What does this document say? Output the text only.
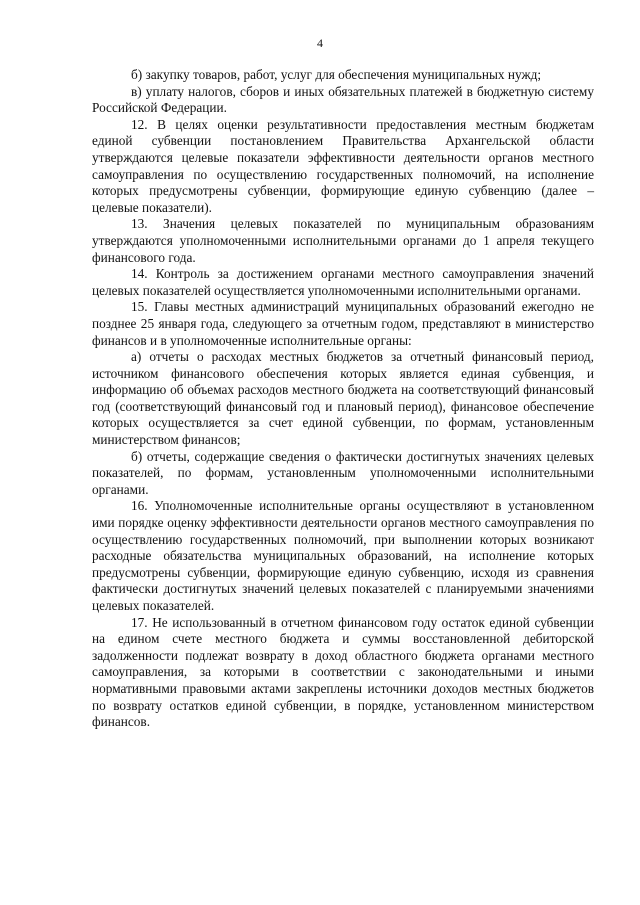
4

б) закупку товаров, работ, услуг для обеспечения муниципальных нужд;

в) уплату налогов, сборов и иных обязательных платежей в бюджетную систему Российской Федерации.

12. В целях оценки результативности предоставления местным бюджетам единой субвенции постановлением Правительства Архангельской области утверждаются целевые показатели эффективности деятельности органов местного самоуправления по осуществлению государственных полномочий, на исполнение которых предусмотрены субвенции, формирующие единую субвенцию (далее – целевые показатели).

13. Значения целевых показателей по муниципальным образованиям утверждаются уполномоченными исполнительными органами до 1 апреля текущего финансового года.

14. Контроль за достижением органами местного самоуправления значений целевых показателей осуществляется уполномоченными исполнительными органами.

15. Главы местных администраций муниципальных образований ежегодно не позднее 25 января года, следующего за отчетным годом, представляют в министерство финансов и в уполномоченные исполнительные органы:

а) отчеты о расходах местных бюджетов за отчетный финансовый период, источником финансового обеспечения которых является единая субвенция, и информацию об объемах расходов местного бюджета на соответствующий финансовый год (соответствующий финансовый год и плановый период), финансовое обеспечение которых осуществляется за счет единой субвенции, по формам, установленным министерством финансов;

б) отчеты, содержащие сведения о фактически достигнутых значениях целевых показателей, по формам, установленным уполномоченными исполнительными органами.

16. Уполномоченные исполнительные органы осуществляют в установленном ими порядке оценку эффективности деятельности органов местного самоуправления по осуществлению государственных полномочий, при выполнении которых возникают расходные обязательства муниципальных образований, на исполнение которых предусмотрены субвенции, формирующие единую субвенцию, исходя из сравнения фактически достигнутых значений целевых показателей с планируемыми значениями целевых показателей.

17. Не использованный в отчетном финансовом году остаток единой субвенции на едином счете местного бюджета и суммы восстановленной дебиторской задолженности подлежат возврату в доход областного бюджета органами местного самоуправления, за которыми в соответствии с законодательными и иными нормативными правовыми актами закреплены источники доходов местных бюджетов по возврату остатков единой субвенции, в порядке, установленном министерством финансов.
